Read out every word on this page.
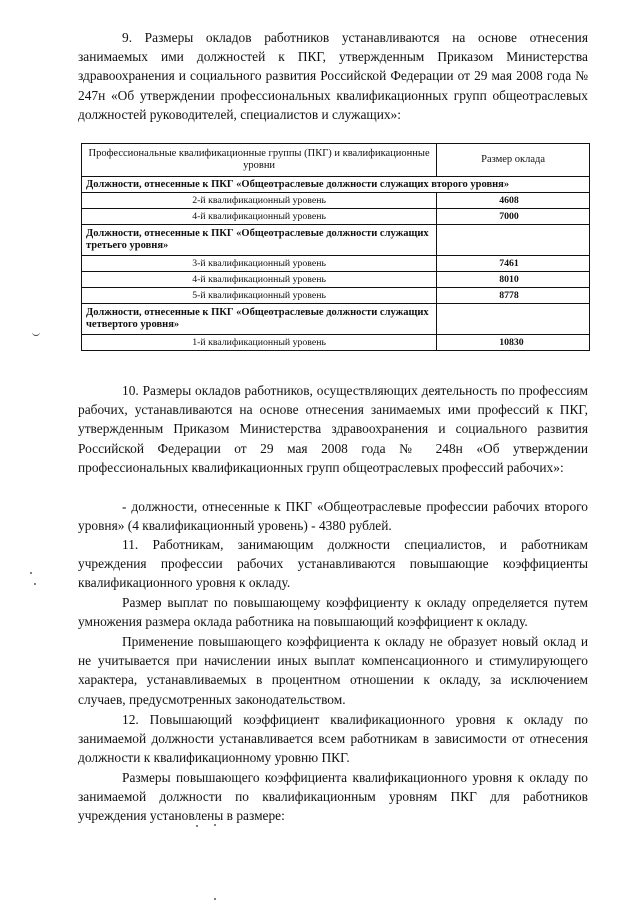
9. Размеры окладов работников устанавливаются на основе отнесения занимаемых ими должностей к ПКГ, утвержденным Приказом Министерства здравоохранения и социального развития Российской Федерации от 29 мая 2008 года № 247н «Об утверждении профессиональных квалификационных групп общеотраслевых должностей руководителей, специалистов и служащих»:

Профессиональные квалификационные группы (ПКГ) и квалификационные уровни	Размер оклада
Должности, отнесенные к ПКГ «Общеотраслевые должности служащих второго уровня»	
2-й квалификационный уровень	4608
4-й квалификационный уровень	7000
Должности, отнесенные к ПКГ «Общеотраслевые должности служащих третьего уровня»	
3-й квалификационный уровень	7461
4-й квалификационный уровень	8010
5-й квалификационный уровень	8778
Должности, отнесенные к ПКГ «Общеотраслевые должности служащих четвертого уровня»	
1-й квалификационный уровень	10830

10. Размеры окладов работников, осуществляющих деятельность по профессиям рабочих, устанавливаются на основе отнесения занимаемых ими профессий к ПКГ, утвержденным Приказом Министерства здравоохранения и социального развития Российской Федерации от 29 мая 2008 года № 248н «Об утверждении профессиональных квалификационных групп общеотраслевых профессий рабочих»:

- должности, отнесенные к ПКГ «Общеотраслевые профессии рабочих второго уровня» (4 квалификационный уровень) - 4380 рублей.

11. Работникам, занимающим должности специалистов, и работникам учреждения профессии рабочих устанавливаются повышающие коэффициенты квалификационного уровня к окладу.

Размер выплат по повышающему коэффициенту к окладу определяется путем умножения размера оклада работника на повышающий коэффициент к окладу.

Применение повышающего коэффициента к окладу не образует новый оклад и не учитывается при начислении иных выплат компенсационного и стимулирующего характера, устанавливаемых в процентном отношении к окладу, за исключением случаев, предусмотренных законодательством.

12. Повышающий коэффициент квалификационного уровня к окладу по занимаемой должности устанавливается всем работникам в зависимости от отнесения должности к квалификационному уровню ПКГ.

Размеры повышающего коэффициента квалификационного уровня к окладу по занимаемой должности по квалификационным уровням ПКГ для работников учреждения установлены в размере:
